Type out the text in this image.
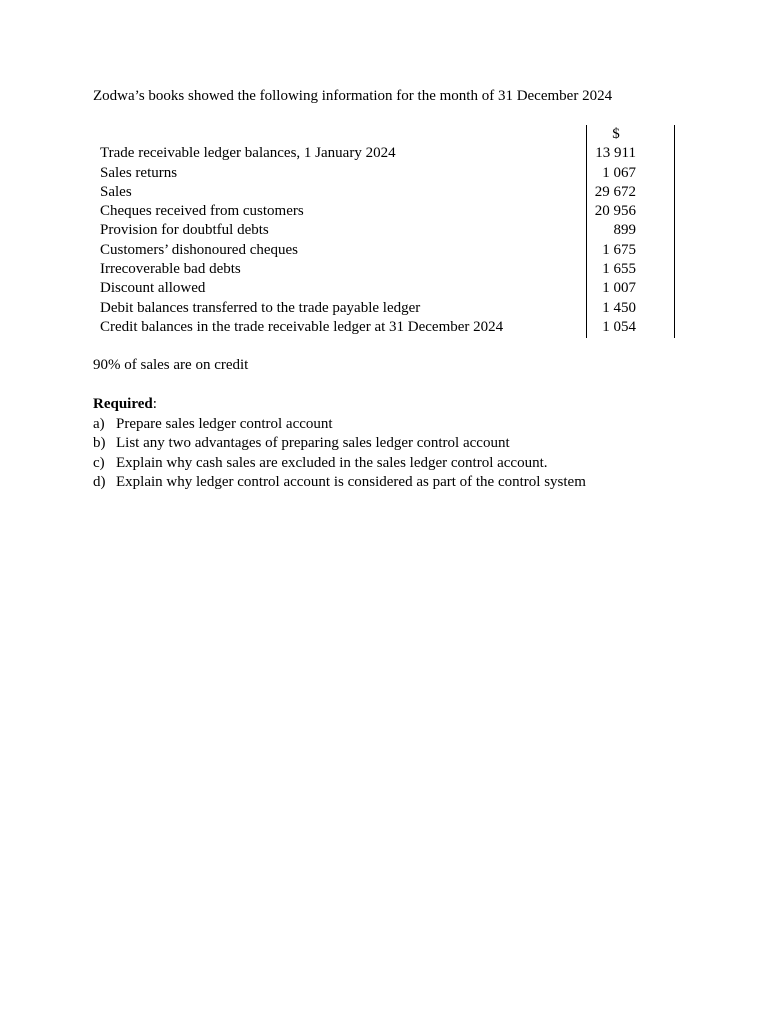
Zodwa’s books showed the following information for the month of 31 December 2024
$
Trade receivable ledger balances, 1 January 2024	13 911
Sales returns	1 067
Sales	29 672
Cheques received from customers	20 956
Provision for doubtful debts	899
Customers’ dishonoured cheques	1 675
Irrecoverable bad debts	1 655
Discount allowed	1 007
Debit balances transferred to the trade payable ledger	1 450
Credit balances in the trade receivable ledger at 31 December 2024	1 054
90% of sales are on credit
Required:
a) Prepare sales ledger control account
b) List any two advantages of preparing sales ledger control account
c) Explain why cash sales are excluded in the sales ledger control account.
d) Explain why ledger control account is considered as part of the control system
